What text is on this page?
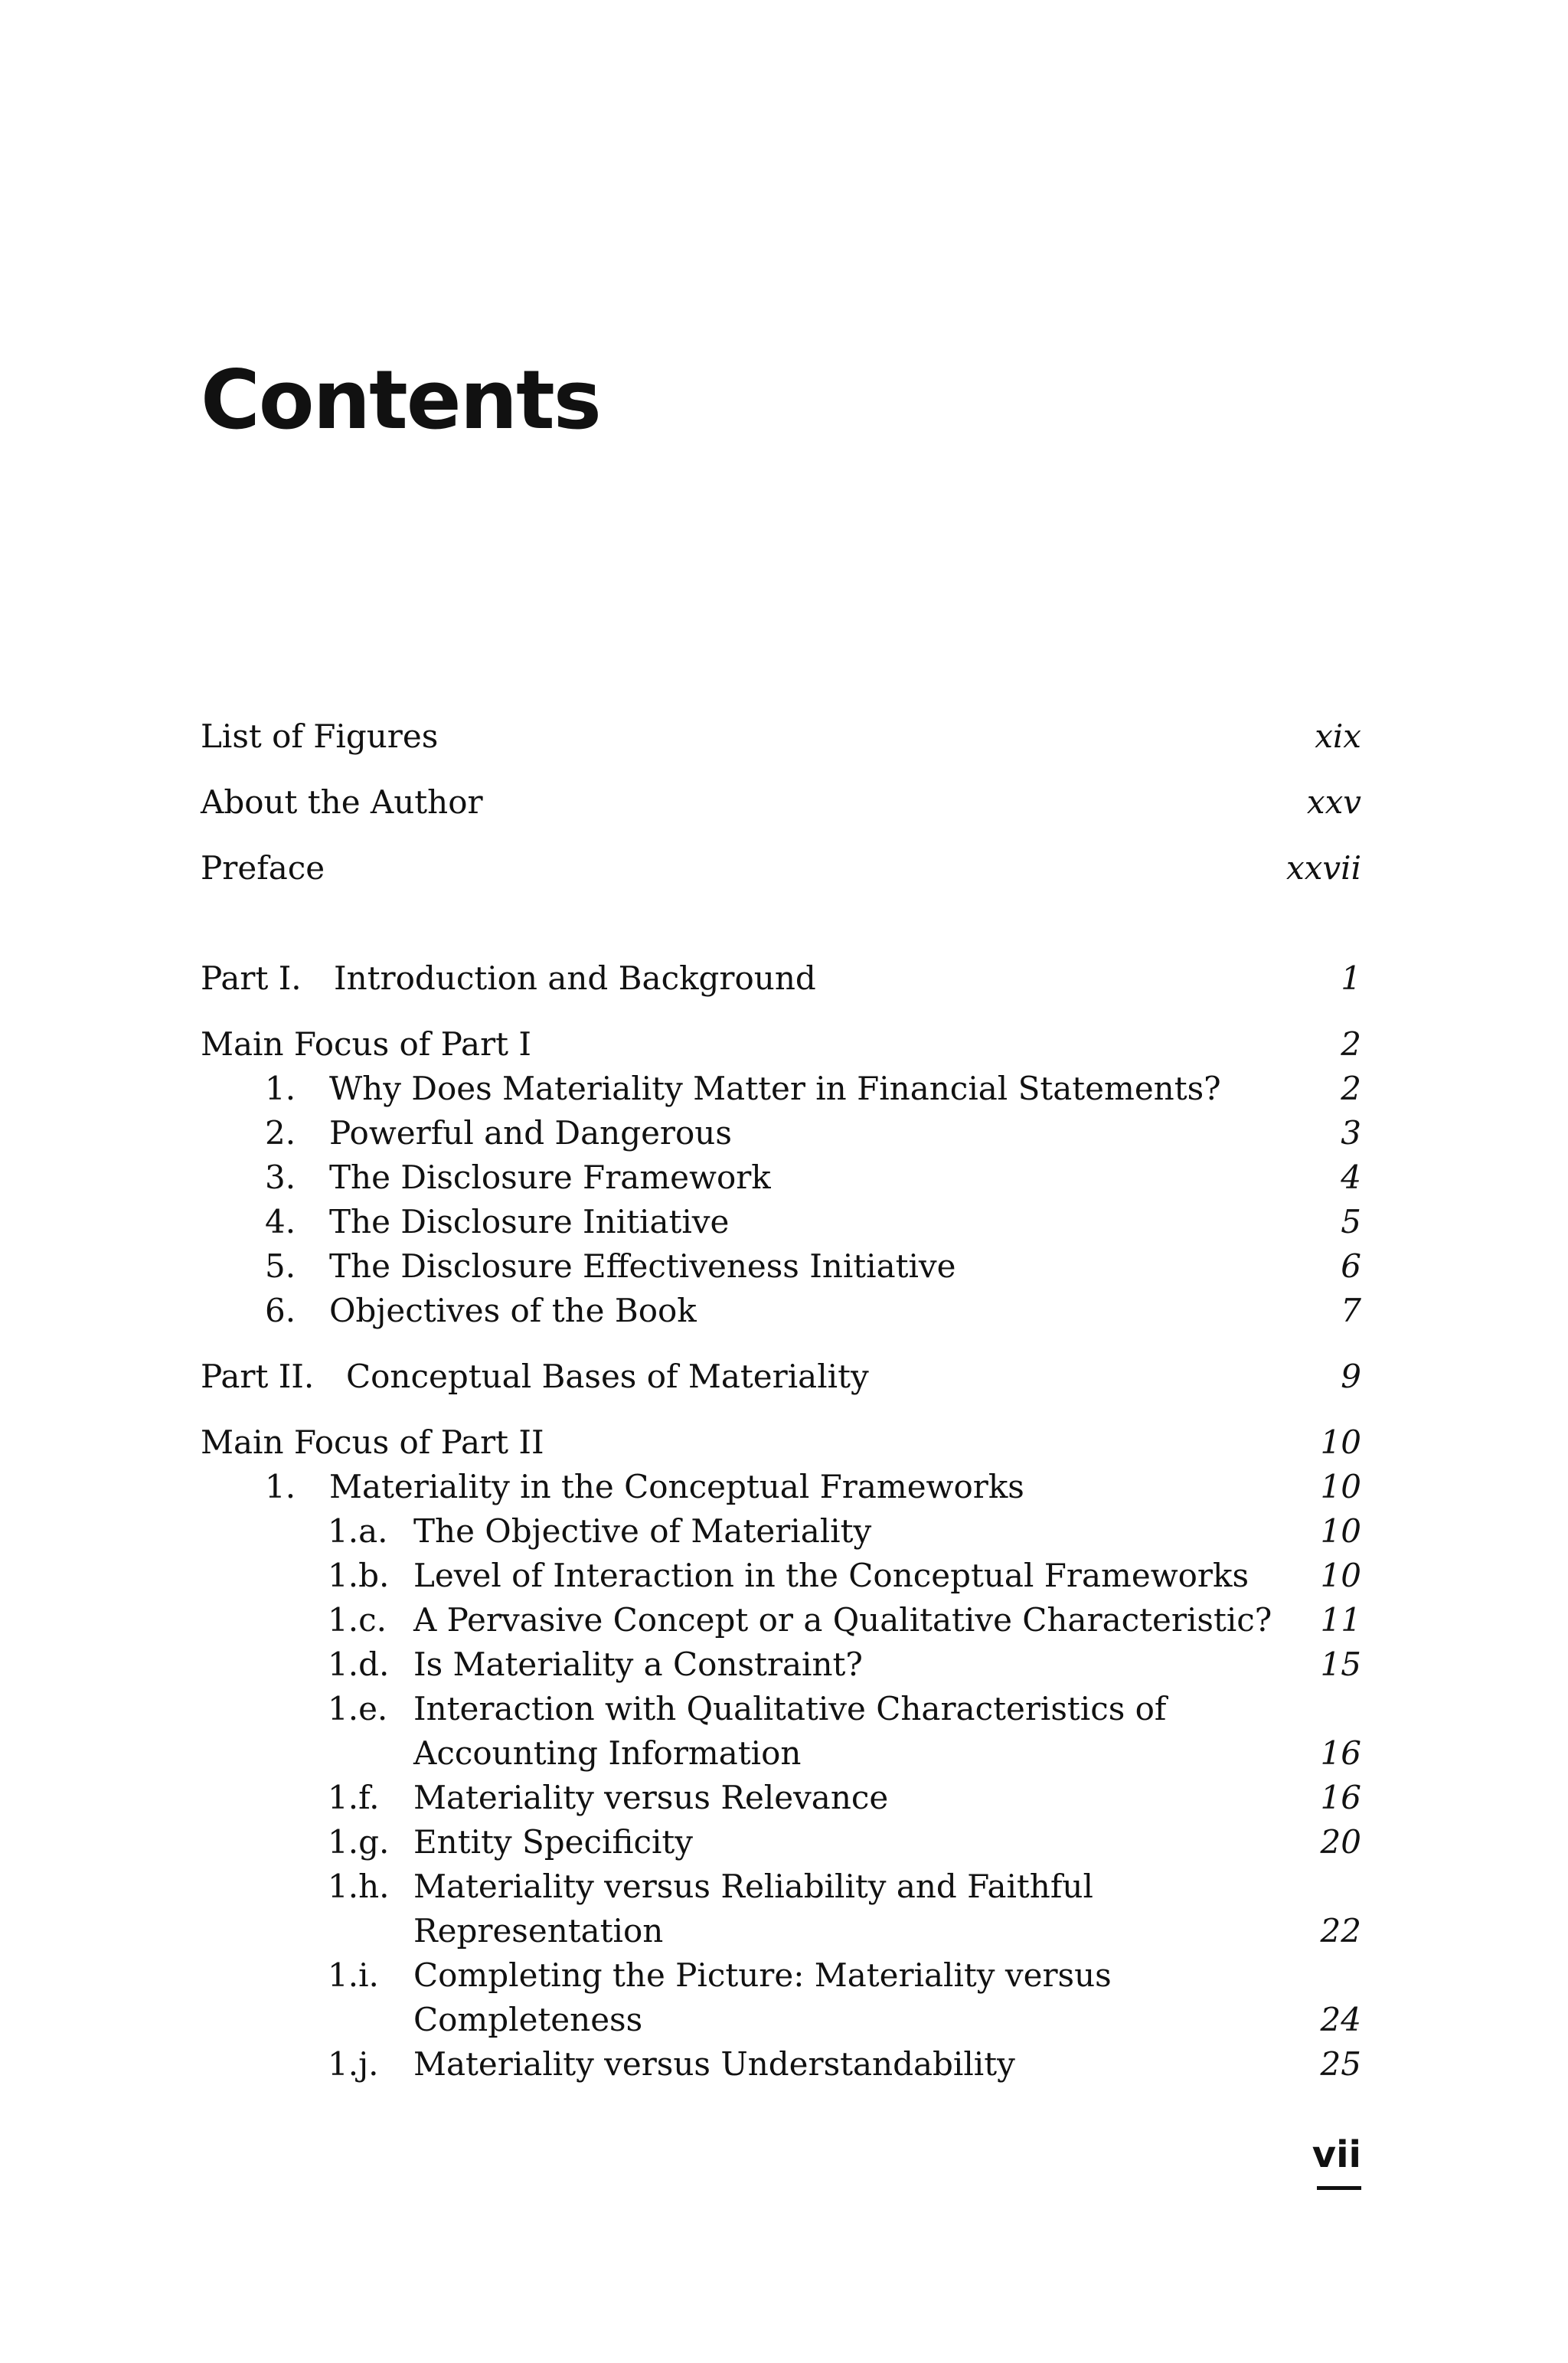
Contents
List of Figures	xix
About the Author	xxv
Preface	xxvii
Part I. Introduction and Background	1
Main Focus of Part I	2
1. Why Does Materiality Matter in Financial Statements?	2
2. Powerful and Dangerous	3
3. The Disclosure Framework	4
4. The Disclosure Initiative	5
5. The Disclosure Effectiveness Initiative	6
6. Objectives of the Book	7
Part II. Conceptual Bases of Materiality	9
Main Focus of Part II	10
1. Materiality in the Conceptual Frameworks	10
1.a. The Objective of Materiality	10
1.b. Level of Interaction in the Conceptual Frameworks 10
1.c. A Pervasive Concept or a Qualitative Characteristic? 11
1.d. Is Materiality a Constraint?	15
1.e. Interaction with Qualitative Characteristics of
Accounting Information	16
1.f. Materiality versus Relevance	16
1.g. Entity Specificity	20
1.h. Materiality versus Reliability and Faithful
Representation	22
1.i. Completing the Picture: Materiality versus
Completeness	24
1.j. Materiality versus Understandability	25
vii
